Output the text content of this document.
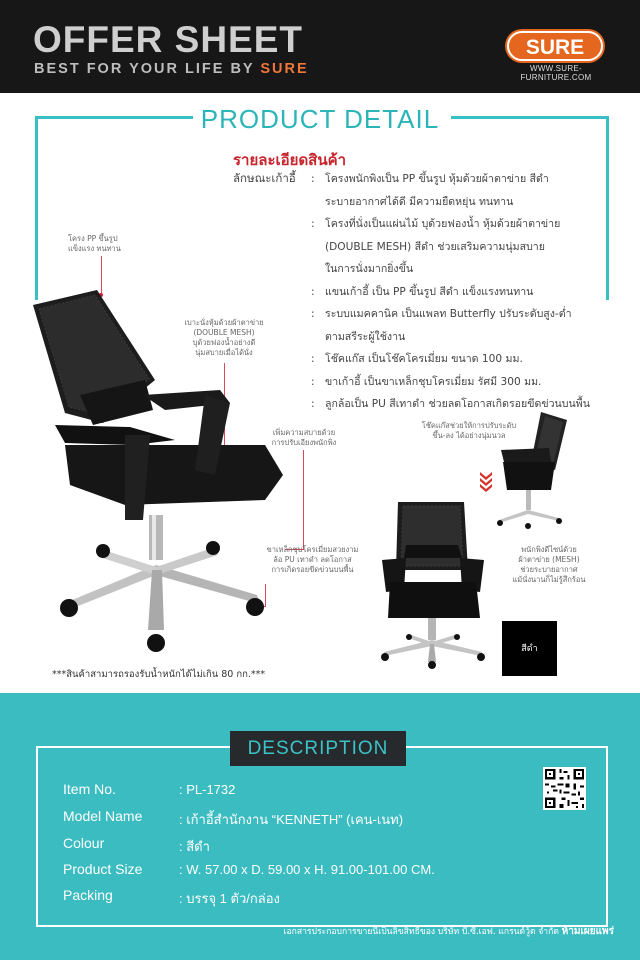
OFFER SHEET
BEST FOR YOUR LIFE BY SURE
SURE
WWW.SURE-FURNITURE.COM
PRODUCT DETAIL
รายละเอียดสินค้า
ลักษณะเก้าอี้ : โครงพนักพิงเป็น PP ขึ้นรูป หุ้มด้วยผ้าตาข่าย สีดำ
ระบายอากาศได้ดี มีความยืดหยุ่น ทนทาน
: โครงที่นั่งเป็นแผ่นไม้ บุด้วยฟองน้ำ หุ้มด้วยผ้าตาข่าย
(DOUBLE MESH) สีดำ ช่วยเสริมความนุ่มสบาย
ในการนั่งมากยิ่งขึ้น
: แขนเก้าอี้ เป็น PP ขึ้นรูป สีดำ แข็งแรงทนทาน
: ระบบแมคคานิค เป็นแพลท Butterfly ปรับระดับสูง-ต่ำ
ตามสรีระผู้ใช้งาน
: โช๊คแก๊ส เป็นโช๊คโครเมี่ยม ขนาด 100 มม.
: ขาเก้าอี้ เป็นขาเหล็กชุบโครเมี่ยม รัศมี 300 มม.
: ลูกล้อเป็น PU สีเทาดำ ช่วยลดโอกาสเกิดรอยขีดข่วนบนพื้น
โครง PP ขึ้นรูป
แข็งแรง ทนทาน
เบาะนั่งหุ้มด้วยผ้าตาข่าย
(DOUBLE MESH)
บุด้วยฟองน้ำอย่างดี
นุ่มสบายเมื่อได้นั่ง
เพิ่มความสบายด้วย
การปรับเอียงพนักพิง
ขาเหล็กชุบโครเมี่ยมสวยงาม
ล้อ PU เทาดำ ลดโอกาส
การเกิดรอยขีดข่วนบนพื้น
โช๊คแก๊สช่วยให้การปรับระดับ
ขึ้น-ลง ได้อย่างนุ่มนวล
พนักพิงดีไซน์ด้วย
ผ้าตาข่าย (MESH)
ช่วยระบายอากาศ
แม้นั่งนานก็ไม่รู้สึกร้อน
สีดำ
***สินค้าสามารถรองรับน้ำหนักได้ไม่เกิน 80 กก.***
DESCRIPTION
Item No.	: PL-1732
Model Name	: เก้าอี้สำนักงาน “KENNETH” (เคน-เนท)
Colour	: สีดำ
Product Size	: W. 57.00 x D. 59.00 x H. 91.00-101.00 CM.
Packing	: บรรจุ 1 ตัว/กล่อง
เอกสารประกอบการขายนี้เป็นลิขสิทธิ์ของ บริษัท บี.ซี.เอฟ. แกรนด์วู้ด จำกัด ห้ามเผยแพร่
